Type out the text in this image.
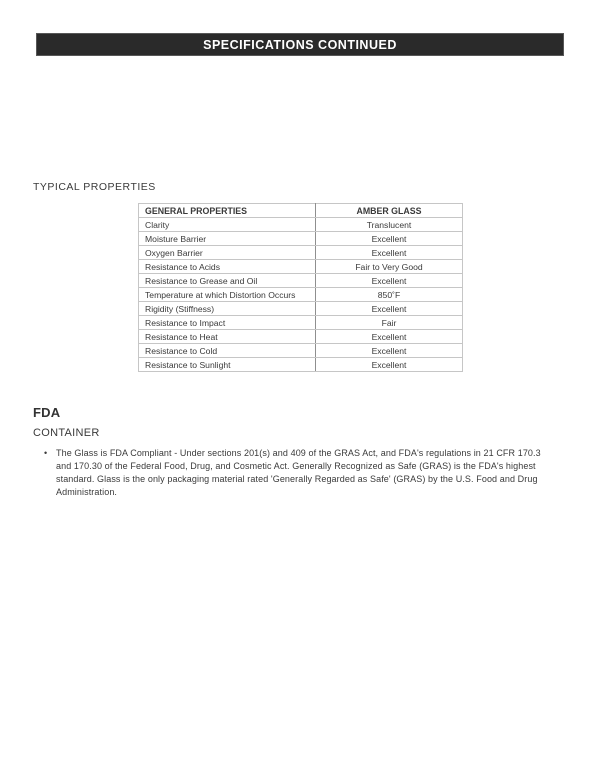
SPECIFICATIONS CONTINUED
TYPICAL PROPERTIES
GENERAL PROPERTIES	AMBER GLASS
Clarity	Translucent
Moisture Barrier	Excellent
Oxygen Barrier	Excellent
Resistance to Acids	Fair to Very Good
Resistance to Grease and Oil	Excellent
Temperature at which Distortion Occurs	850˚F
Rigidity (Stiffness)	Excellent
Resistance to Impact	Fair
Resistance to Heat	Excellent
Resistance to Cold	Excellent
Resistance to Sunlight	Excellent
FDA
CONTAINER
• The Glass is FDA Compliant - Under sections 201(s) and 409 of the GRAS Act, and FDA's regulations in 21 CFR 170.3 and 170.30 of the Federal Food, Drug, and Cosmetic Act. Generally Recognized as Safe (GRAS) is the FDA's highest standard. Glass is the only packaging material rated 'Generally Regarded as Safe' (GRAS) by the U.S. Food and Drug Administration.
